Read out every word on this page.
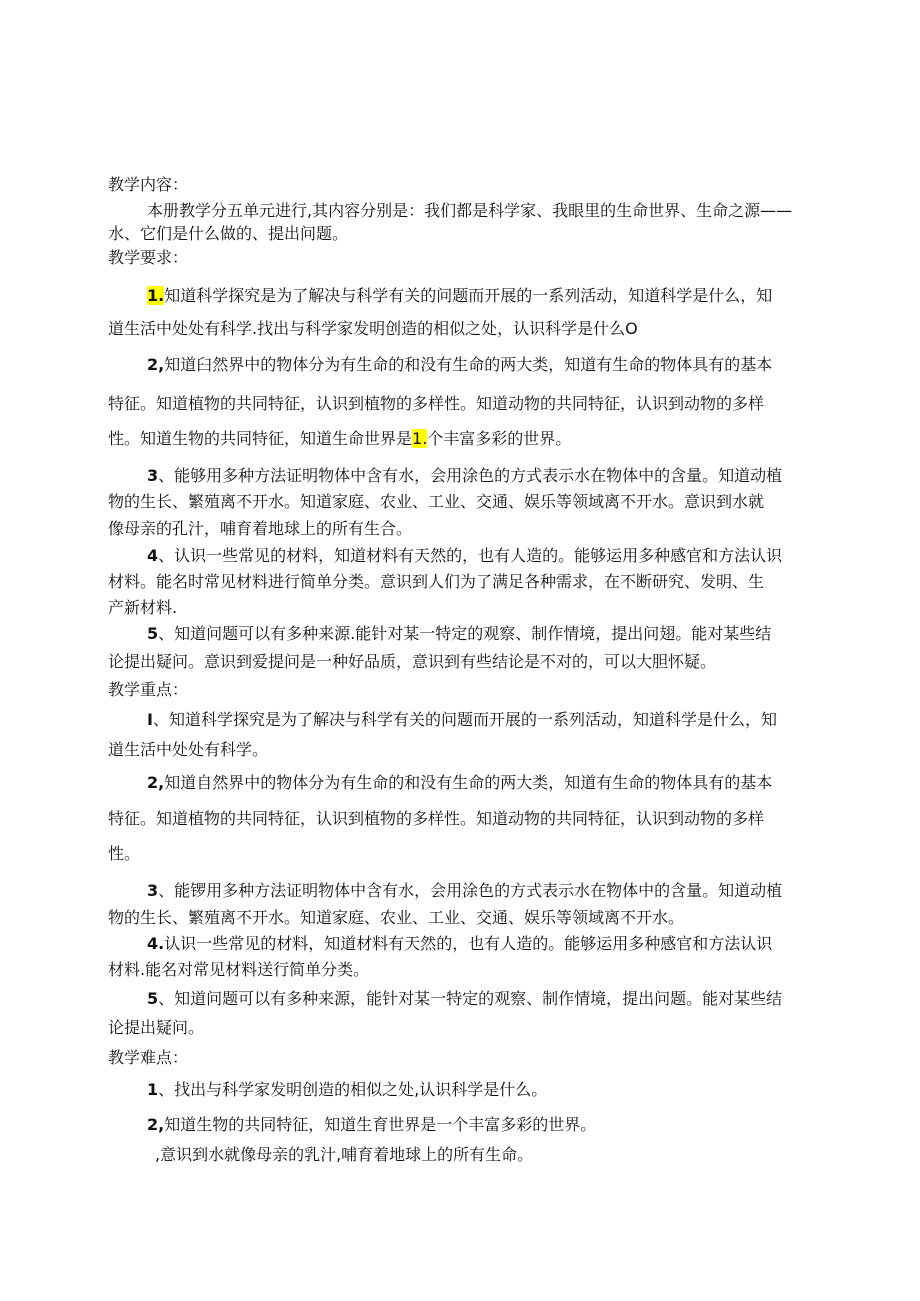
教学内容：
本册教学分五单元进行,其内容分别是：我们都是科学家、我眼里的生命世界、生命之源——
水、它们是什么做的、提出问题。
教学要求：
1.知道科学探究是为了解决与科学有关的问题而开展的一系列活动，知道科学是什么，知
道生活中处处有科学.找出与科学家发明创造的相似之处，认识科学是什么O
2,知道臼然界中的物体分为有生命的和没有生命的两大类，知道有生命的物体具有的基本
特征。知道植物的共同特征，认识到植物的多样性。知道动物的共同特征，认识到动物的多样
性。知道生物的共同特征，知道生命世界是1.个丰富多彩的世界。
3、能够用多种方法证明物体中含有水，会用涂色的方式表示水在物体中的含量。知道动植
物的生长、繁殖离不开水。知道家庭、农业、工业、交通、娱乐等领域离不开水。意识到水就
像母亲的孔汁，哺育着地球上的所有生合。
4、认识一些常见的材料，知道材料有天然的，也有人造的。能够运用多种感官和方法认识
材料。能名时常见材料进行简单分类。意识到人们为了满足各种需求，在不断研究、发明、生
产新材料.
5、知道问题可以有多种来源.能针对某一特定的观察、制作情境，提出问翅。能对某些结
论提出疑问。意识到爱提问是一种好品质，意识到有些结论是不对的，可以大胆怀疑。
教学重点：
I、知道科学探究是为了解决与科学有关的问题而开展的一系列活动，知道科学是什么，知
道生活中处处有科学。
2,知道自然界中的物体分为有生命的和没有生命的两大类，知道有生命的物体具有的基本
特征。知道植物的共同特征，认识到植物的多样性。知道动物的共同特征，认识到动物的多样
性。
3、能锣用多种方法证明物体中含有水，会用涂色的方式表示水在物体中的含量。知道动植
物的生长、繁殖离不开水。知道家庭、农业、工业、交通、娱乐等领域离不开水。
4.认识一些常见的材料，知道材料有天然的，也有人造的。能够运用多种感官和方法认识
材料.能名对常见材料送行简单分类。
5、知道问题可以有多种来源，能针对某一特定的观察、制作情境，提出问题。能对某些结
论提出疑问。
教学难点：
1、找出与科学家发明创造的相似之处,认识科学是什么。
2,知道生物的共同特征，知道生育世界是一个丰富多彩的世界。
,意识到水就像母亲的乳汁,哺育着地球上的所有生命。
